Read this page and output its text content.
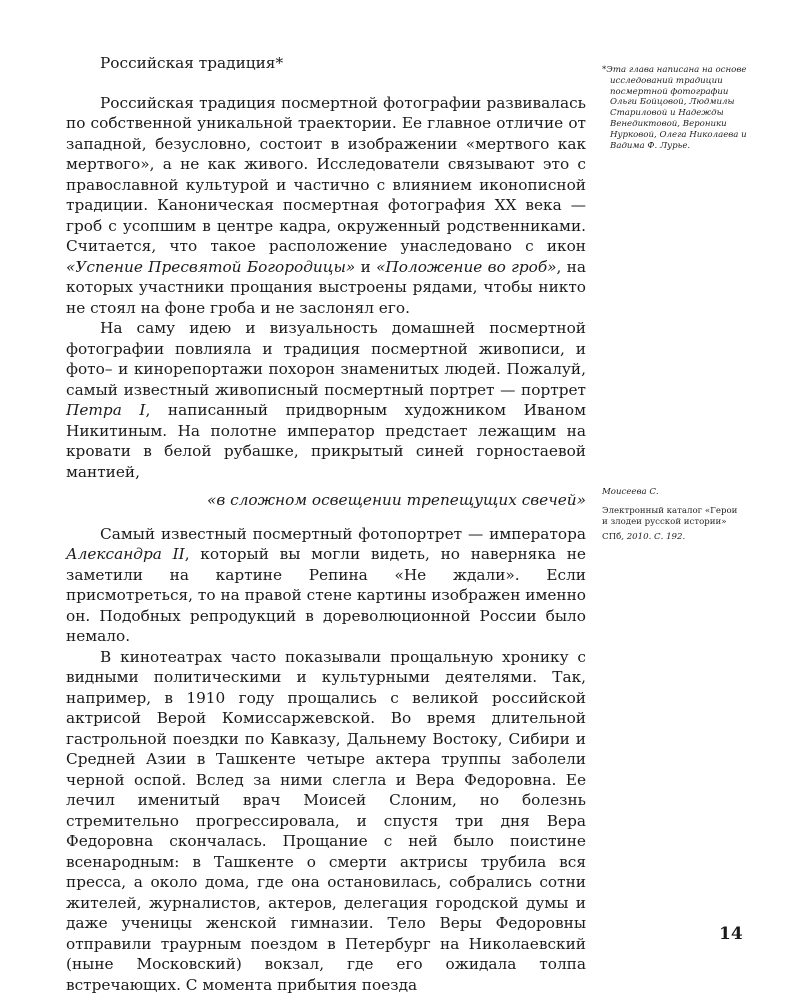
Российская традиция*

Российская традиция посмертной фотографии развивалась по собственной уникальной траектории. Ее главное отличие от западной, безусловно, состоит в изображении «мертвого как мертвого», а не как живого. Исследователи связывают это с православной культурой и частично с влиянием иконописной традиции. Каноническая посмертная фотография XX века — гроб с усопшим в центре кадра, окруженный родственниками. Считается, что такое расположение унаследовано с икон «Успение Пресвятой Богородицы» и «Положение во гроб», на которых участники прощания выстроены рядами, чтобы никто не стоял на фоне гроба и не заслонял его.

На саму идею и визуальность домашней посмертной фотографии повлияла и традиция посмертной живописи, и фото– и кинорепортажи похорон знаменитых людей. Пожалуй, самый известный живописный посмертный портрет — портрет Петра I, написанный придворным художником Иваном Никитиным. На полотне император предстает лежащим на кровати в белой рубашке, прикрытый синей горностаевой мантией,

«в сложном освещении трепещущих свечей»

Самый известный посмертный фотопортрет — императора Александра II, который вы могли видеть, но наверняка не заметили на картине Репина «Не ждали». Если присмотреться, то на правой стене картины изображен именно он. Подобных репродукций в дореволюционной России было немало.

В кинотеатрах часто показывали прощальную хронику с видными политическими и культурными деятелями. Так, например, в 1910 году прощались с великой российской актрисой Верой Комиссаржевской. Во время длительной гастрольной поездки по Кавказу, Дальнему Востоку, Сибири и Средней Азии в Ташкенте четыре актера труппы заболели черной оспой. Вслед за ними слегла и Вера Федоровна. Ее лечил именитый врач Моисей Слоним, но болезнь стремительно прогрессировала, и спустя три дня Вера Федоровна скончалась. Прощание с ней было поистине всенародным: в Ташкенте о смерти актрисы трубила вся пресса, а около дома, где она остановилась, собрались сотни жителей, журналистов, актеров, делегация городской думы и даже ученицы женской гимназии. Тело Веры Федоровны отправили траурным поездом в Петербург на Николаевский (ныне Московский) вокзал, где его ожидала толпа встречающих. С момента прибытия поезда

*Эта глава написана на основе исследований традиции посмертной фотографии Ольги Бойцовой, Людмилы Стариловой и Надежды Венедиктовой, Вероники Нурковой, Олега Николаева и Вадима Ф. Лурье.

Моисеева С.

Электронный каталог «Герои и злодеи русской истории»

СПб, 2010. С. 192.

14
